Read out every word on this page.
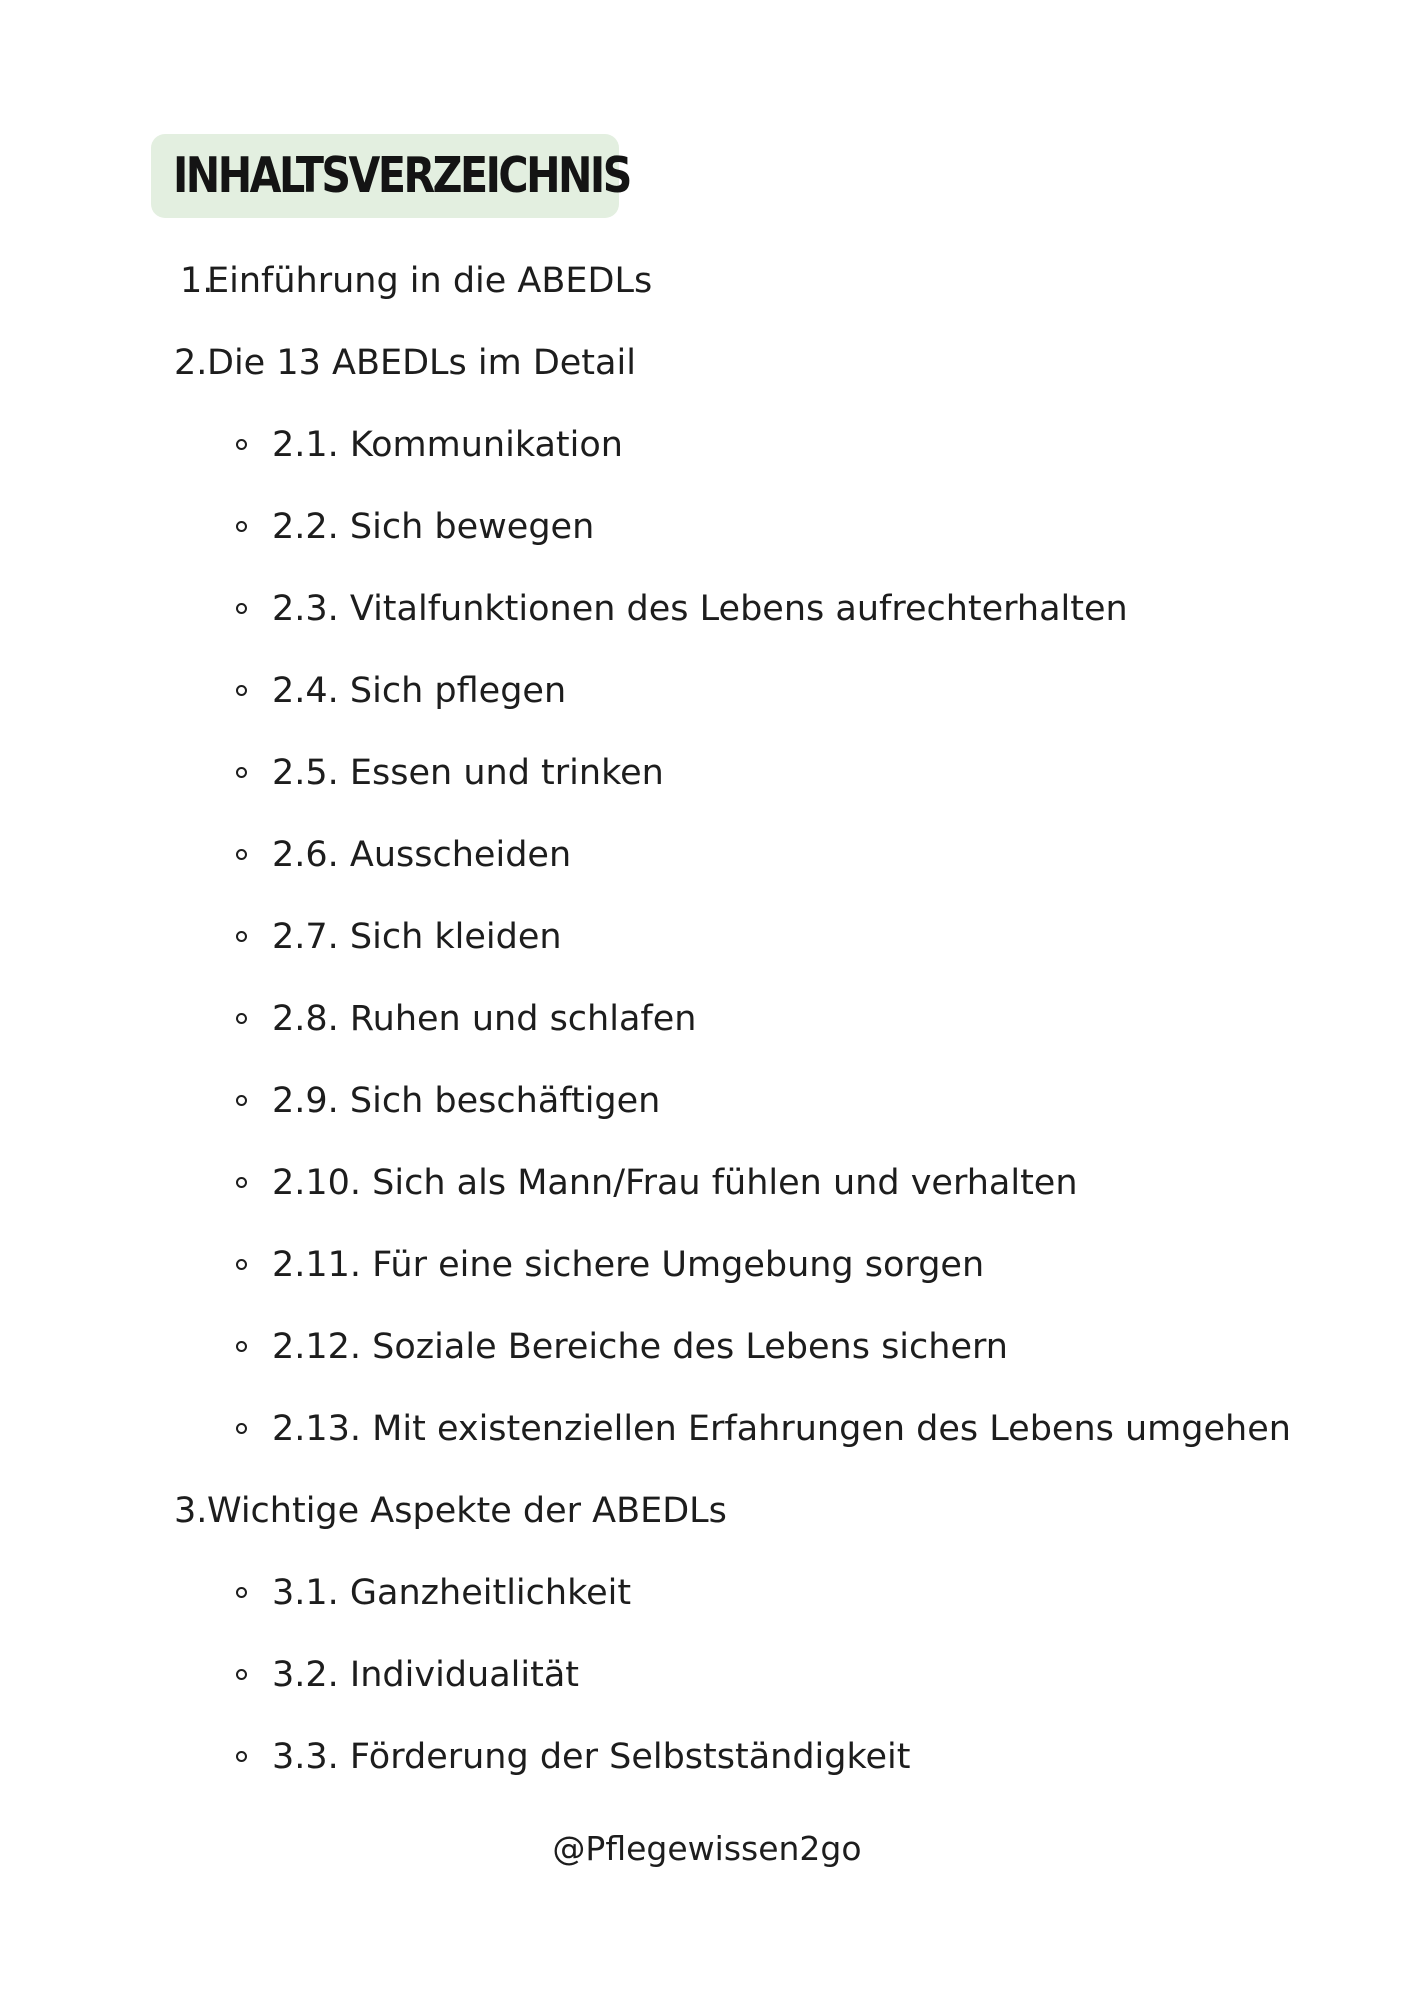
INHALTSVERZEICHNIS
1.
Einführung in die ABEDLs
2. Die 13 ABEDLs im Detail
2.1. Kommunikation
2.2. Sich bewegen
2.3. Vitalfunktionen des Lebens aufrechterhalten
2.4. Sich pflegen
2.5. Essen und trinken
2.6. Ausscheiden
2.7. Sich kleiden
2.8. Ruhen und schlafen
2.9. Sich beschäftigen
2.10. Sich als Mann/Frau fühlen und verhalten
2.11. Für eine sichere Umgebung sorgen
2.12. Soziale Bereiche des Lebens sichern
2.13. Mit existenziellen Erfahrungen des Lebens umgehen
3. Wichtige Aspekte der ABEDLs
3.1. Ganzheitlichkeit
3.2. Individualität
3.3. Förderung der Selbstständigkeit
@Pflegewissen2go
